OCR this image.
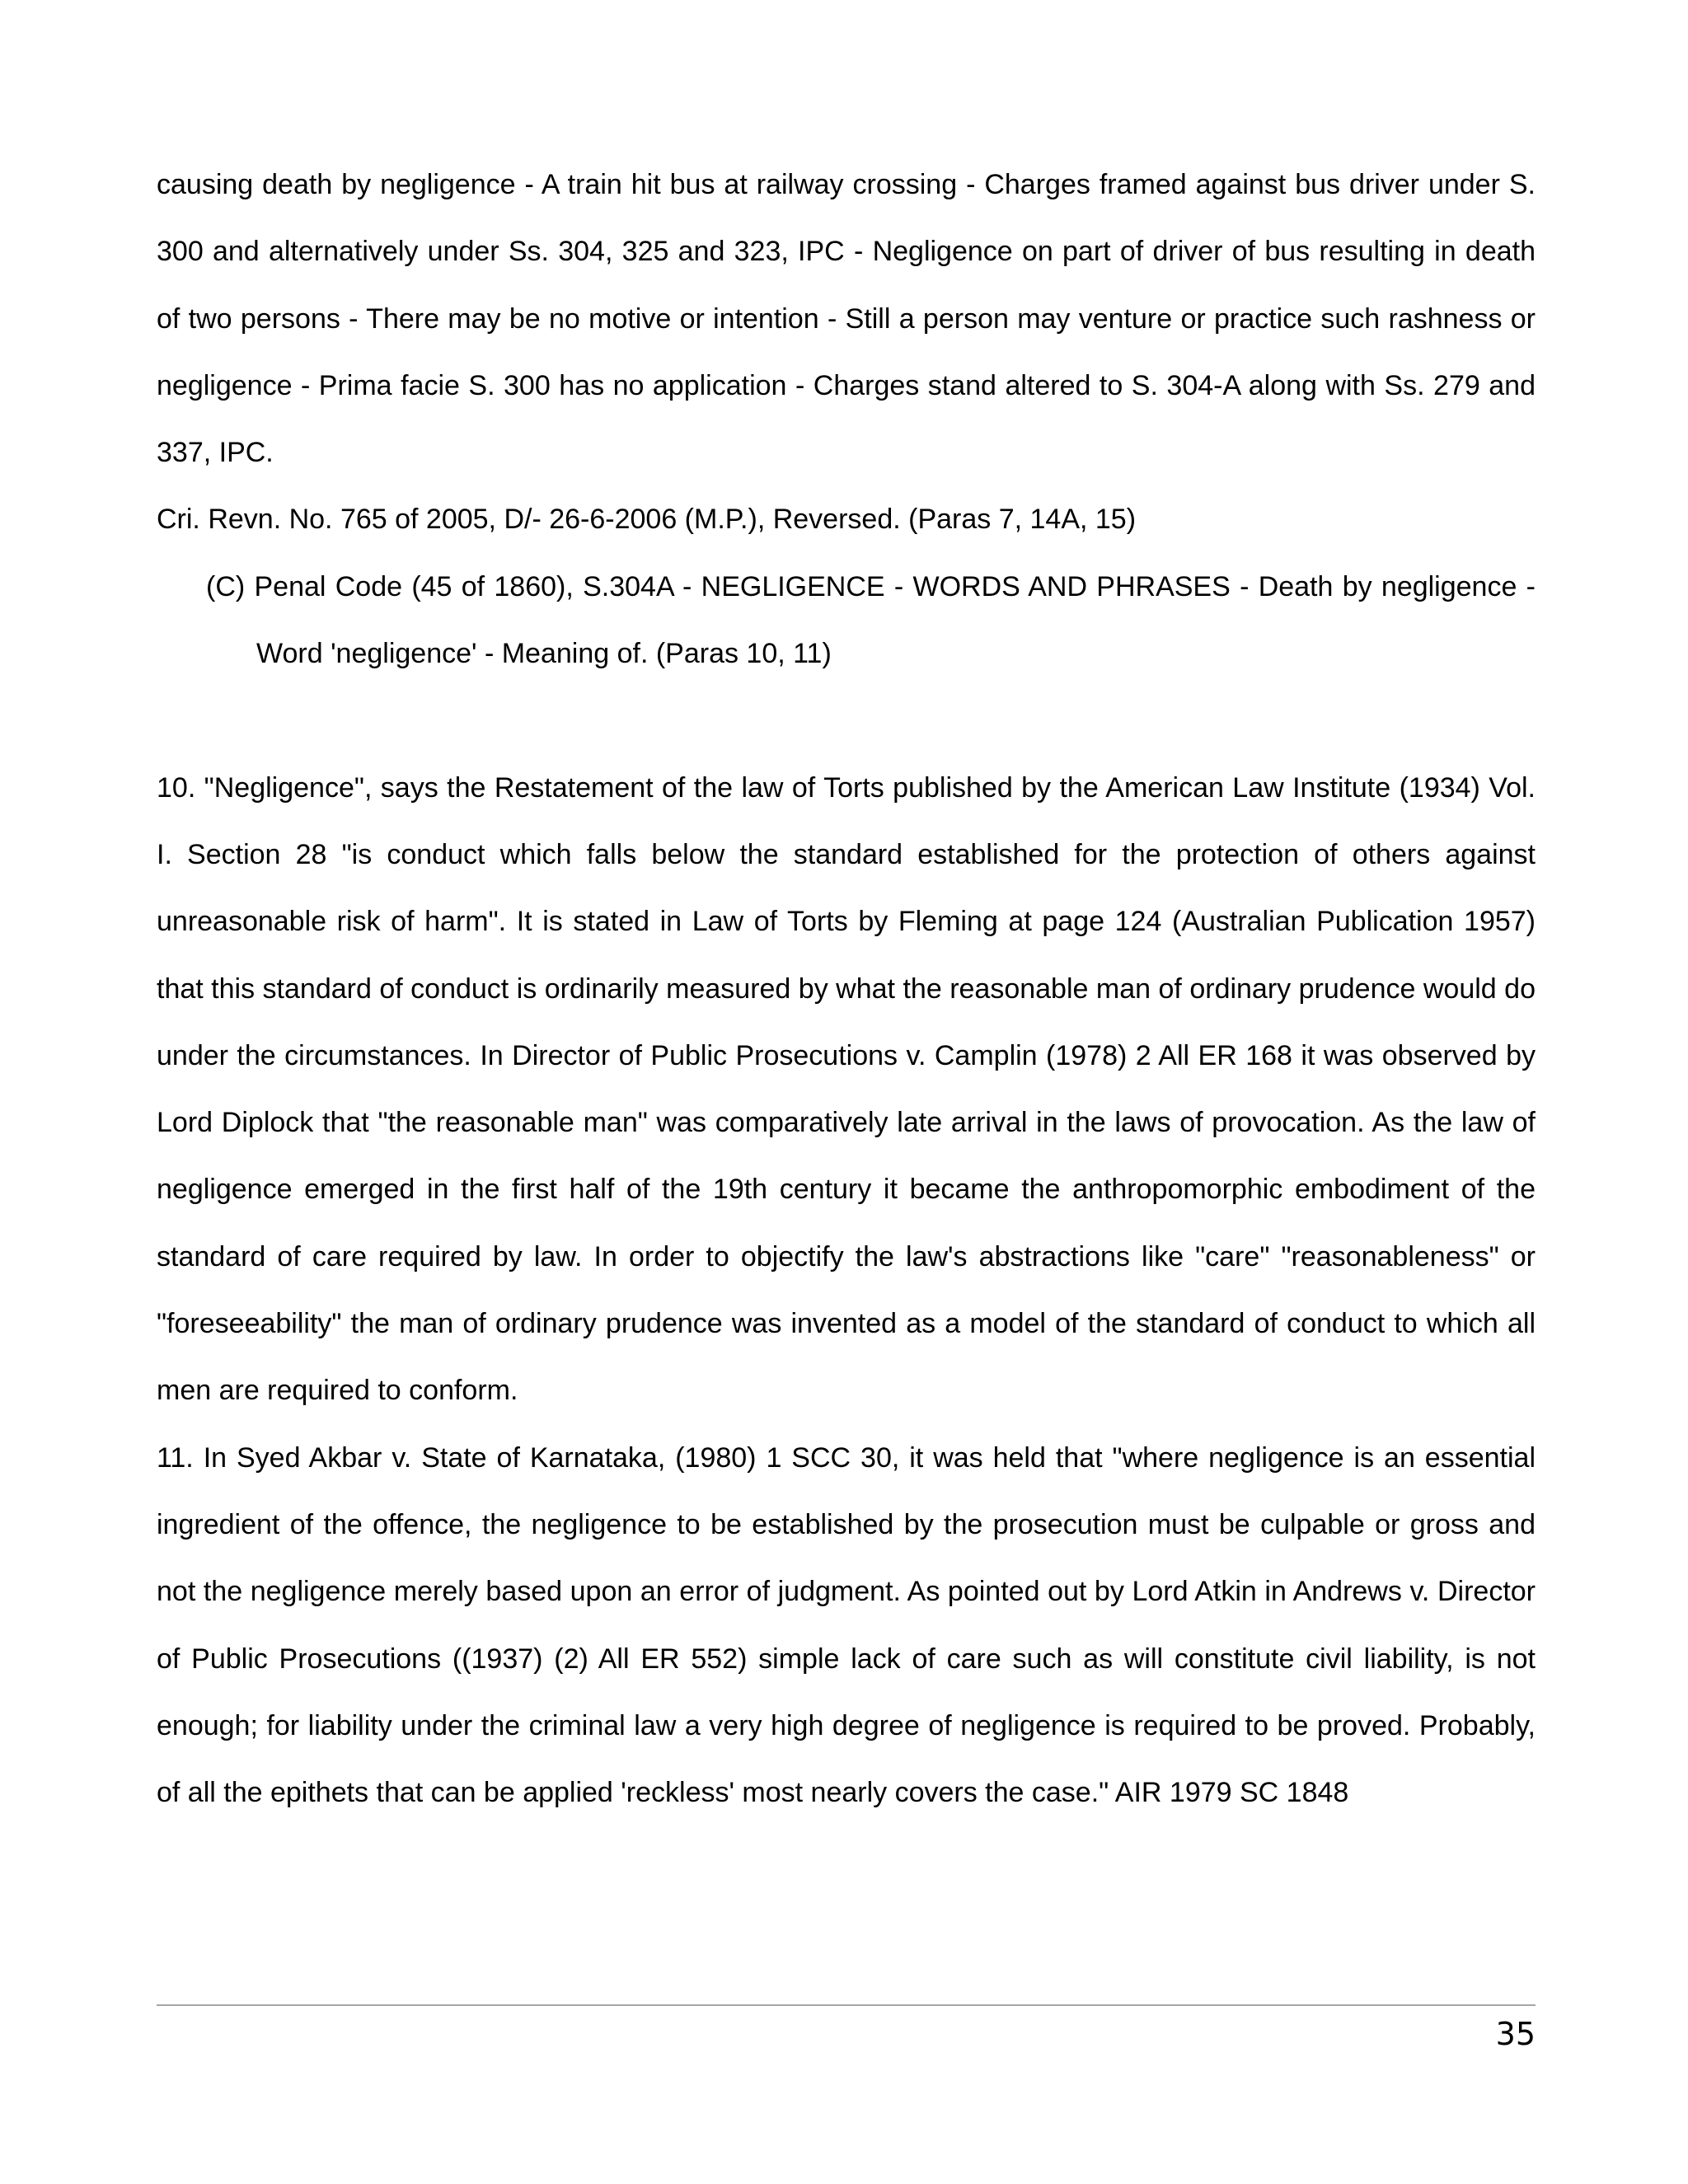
causing death by negligence - A train hit bus at railway crossing - Charges framed against bus driver under S. 300 and alternatively under Ss. 304, 325 and 323, IPC - Negligence on part of driver of bus resulting in death of two persons - There may be no motive or intention - Still a person may venture or practice such rashness or negligence - Prima facie S. 300 has no application - Charges stand altered to S. 304-A along with Ss. 279 and 337, IPC.

Cri. Revn. No. 765 of 2005, D/- 26-6-2006 (M.P.), Reversed. (Paras 7, 14A, 15)

(C) Penal Code (45 of 1860), S.304A - NEGLIGENCE - WORDS AND PHRASES - Death by negligence - Word 'negligence' - Meaning of. (Paras 10, 11)

10. "Negligence", says the Restatement of the law of Torts published by the American Law Institute (1934) Vol. I. Section 28 "is conduct which falls below the standard established for the protection of others against unreasonable risk of harm". It is stated in Law of Torts by Fleming at page 124 (Australian Publication 1957) that this standard of conduct is ordinarily measured by what the reasonable man of ordinary prudence would do under the circumstances. In Director of Public Prosecutions v. Camplin (1978) 2 All ER 168 it was observed by Lord Diplock that "the reasonable man" was comparatively late arrival in the laws of provocation. As the law of negligence emerged in the first half of the 19th century it became the anthropomorphic embodiment of the standard of care required by law. In order to objectify the law's abstractions like "care" "reasonableness" or "foreseeability" the man of ordinary prudence was invented as a model of the standard of conduct to which all men are required to conform.

11. In Syed Akbar v. State of Karnataka, (1980) 1 SCC 30, it was held that "where negligence is an essential ingredient of the offence, the negligence to be established by the prosecution must be culpable or gross and not the negligence merely based upon an error of judgment. As pointed out by Lord Atkin in Andrews v. Director of Public Prosecutions ((1937) (2) All ER 552) simple lack of care such as will constitute civil liability, is not enough; for liability under the criminal law a very high degree of negligence is required to be proved. Probably, of all the epithets that can be applied 'reckless' most nearly covers the case." AIR 1979 SC 1848

35
